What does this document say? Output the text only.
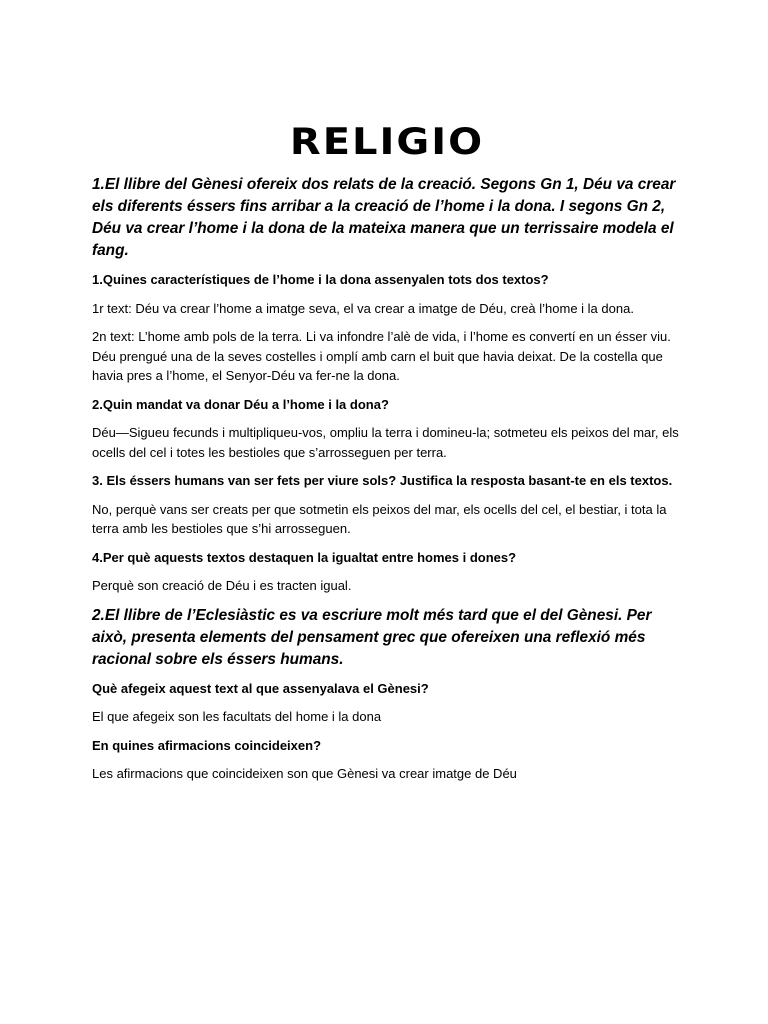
RELIGIO

1.El llibre del Gènesi ofereix dos relats de la creació. Segons Gn 1, Déu va crear els diferents éssers fins arribar a la creació de l’home i la dona. I segons Gn 2, Déu va crear l’home i la dona de la mateixa manera que un terrissaire modela el fang.

1.Quines característiques de l’home i la dona assenyalen tots dos textos?

1r text: Déu va crear l’home a imatge seva, el va crear a imatge de Déu, creà l’home i la dona.

2n text: L’home amb pols de la terra. Li va infondre l’alè de vida, i l’home es convertí en un ésser viu. Déu prengué una de la seves costelles i omplí amb carn el buit que havia deixat. De la costella que havia pres a l’home, el Senyor-Déu va fer-ne la dona.

2.Quin mandat va donar Déu a l’home i la dona?

Déu—Sigueu fecunds i multipliqueu-vos, ompliu la terra i domineu-la; sotmeteu els peixos del mar, els ocells del cel i totes les bestioles que s’arrosseguen per terra.

3. Els éssers humans van ser fets per viure sols? Justifica la resposta basant-te en els textos.

No, perquè vans ser creats per que sotmetin els peixos del mar, els ocells del cel, el bestiar, i tota la terra amb les bestioles que s’hi arrosseguen.

4.Per què aquests textos destaquen la igualtat entre homes i dones?

Perquè son creació de Déu i es tracten igual.

2.El llibre de l’Eclesiàstic es va escriure molt més tard que el del Gènesi. Per això, presenta elements del pensament grec que ofereixen una reflexió més racional sobre els éssers humans.

Què afegeix aquest text al que assenyalava el Gènesi?

El que afegeix son les facultats del home i la dona

En quines afirmacions coincideixen?

Les afirmacions que coincideixen son que Gènesi va crear imatge de Déu
